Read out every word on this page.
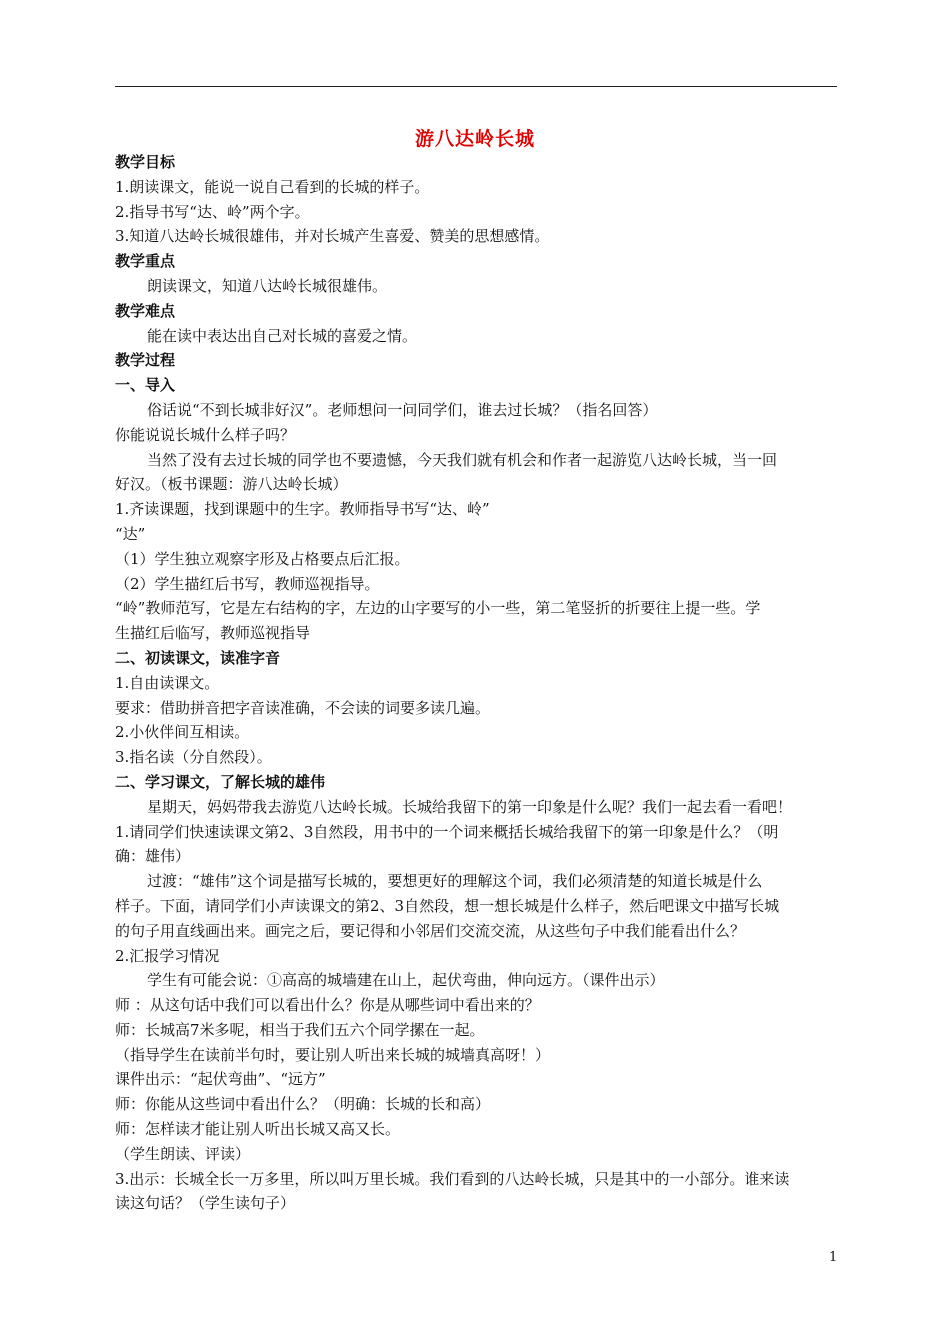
游八达岭长城
教学目标
1.朗读课文，能说一说自己看到的长城的样子。
2.指导书写“达、岭”两个字。
3.知道八达岭长城很雄伟，并对长城产生喜爱、赞美的思想感情。
教学重点
朗读课文，知道八达岭长城很雄伟。
教学难点
能在读中表达出自己对长城的喜爱之情。
教学过程
一、导入
俗话说“不到长城非好汉”。老师想问一问同学们，谁去过长城？（指名回答）
你能说说长城什么样子吗？
当然了没有去过长城的同学也不要遗憾，今天我们就有机会和作者一起游览八达岭长城，当一回
好汉。（板书课题：游八达岭长城）
1.齐读课题，找到课题中的生字。教师指导书写“达、岭”
“达”
（1）学生独立观察字形及占格要点后汇报。
（2）学生描红后书写，教师巡视指导。
“岭”教师范写，它是左右结构的字，左边的山字要写的小一些，第二笔竖折的折要往上提一些。学
生描红后临写，教师巡视指导
二、初读课文，读准字音
1.自由读课文。
要求：借助拼音把字音读准确，不会读的词要多读几遍。
2.小伙伴间互相读。
3.指名读（分自然段）。
二、学习课文，了解长城的雄伟
星期天，妈妈带我去游览八达岭长城。长城给我留下的第一印象是什么呢？我们一起去看一看吧！
1.请同学们快速读课文第2、3自然段，用书中的一个词来概括长城给我留下的第一印象是什么？（明
确：雄伟）
过渡：“雄伟”这个词是描写长城的，要想更好的理解这个词，我们必须清楚的知道长城是什么
样子。下面，请同学们小声读课文的第2、3自然段，想一想长城是什么样子，然后吧课文中描写长城
的句子用直线画出来。画完之后，要记得和小邻居们交流交流，从这些句子中我们能看出什么？
2.汇报学习情况
学生有可能会说：①高高的城墙建在山上，起伏弯曲，伸向远方。（课件出示）
师 ：从这句话中我们可以看出什么？你是从哪些词中看出来的？
师：长城高7米多呢，相当于我们五六个同学摞在一起。
（指导学生在读前半句时，要让别人听出来长城的城墙真高呀！）
课件出示：“起伏弯曲”、“远方”
师：你能从这些词中看出什么？（明确：长城的长和高）
师：怎样读才能让别人听出长城又高又长。
（学生朗读、评读）
3.出示：长城全长一万多里，所以叫万里长城。我们看到的八达岭长城，只是其中的一小部分。谁来读
读这句话？（学生读句子）
1
